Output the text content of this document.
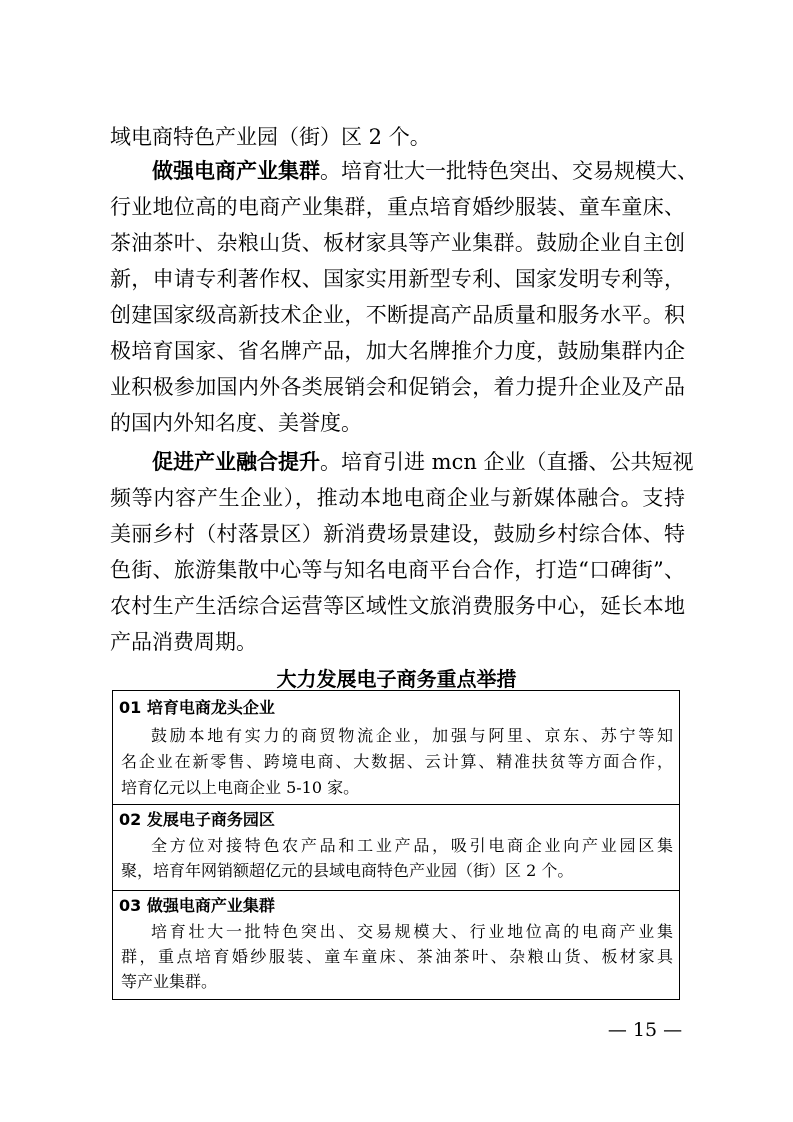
域电商特色产业园（街）区 2 个。
做强电商产业集群。培育壮大一批特色突出、交易规模大、
行业地位高的电商产业集群，重点培育婚纱服装、童车童床、
茶油茶叶、杂粮山货、板材家具等产业集群。鼓励企业自主创
新，申请专利著作权、国家实用新型专利、国家发明专利等，
创建国家级高新技术企业，不断提高产品质量和服务水平。积
极培育国家、省名牌产品，加大名牌推介力度，鼓励集群内企
业积极参加国内外各类展销会和促销会，着力提升企业及产品
的国内外知名度、美誉度。
促进产业融合提升。培育引进 mcn 企业（直播、公共短视
频等内容产生企业），推动本地电商企业与新媒体融合。支持
美丽乡村（村落景区）新消费场景建设，鼓励乡村综合体、特
色街、旅游集散中心等与知名电商平台合作，打造“口碑街”、
农村生产生活综合运营等区域性文旅消费服务中心，延长本地
产品消费周期。
大力发展电子商务重点举措
01 培育电商龙头企业
鼓励本地有实力的商贸物流企业，加强与阿里、京东、苏宁等知
名企业在新零售、跨境电商、大数据、云计算、精准扶贫等方面合作，
培育亿元以上电商企业 5-10 家。
02 发展电子商务园区
全方位对接特色农产品和工业产品，吸引电商企业向产业园区集
聚，培育年网销额超亿元的县域电商特色产业园（街）区 2 个。
03 做强电商产业集群
培育壮大一批特色突出、交易规模大、行业地位高的电商产业集
群，重点培育婚纱服装、童车童床、茶油茶叶、杂粮山货、板材家具
等产业集群。
— 15 —
